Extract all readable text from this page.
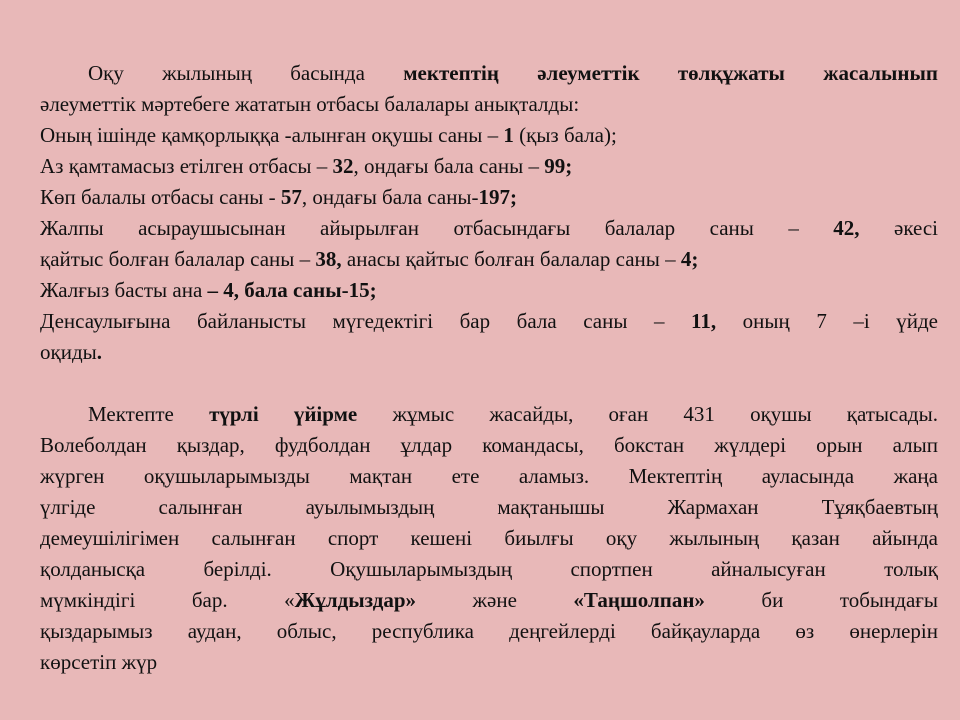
Оқу жылының басында мектептің әлеуметтік төлқұжаты жасалынып
әлеуметтік мәртебеге жататын отбасы балалары анықталды:
Оның ішінде қамқорлыққа -алынған оқушы саны – 1 (қыз бала);
Аз қамтамасыз етілген отбасы – 32, ондағы бала саны – 99;
Көп балалы отбасы саны - 57, ондағы бала саны-197;
Жалпы асыраушысынан айырылған отбасындағы балалар саны – 42, әкесі
қайтыс болған балалар саны – 38, анасы қайтыс болған балалар саны – 4;
Жалғыз басты ана – 4, бала саны-15;
Денсаулығына байланысты мүгедектігі бар бала саны – 11, оның 7 –і үйде
оқиды.
Мектепте түрлі үйірме жұмыс жасайды, оған 431 оқушы қатысады.
Волеболдан қыздар, фудболдан ұлдар командасы, бокстан жүлдері орын алып
жүрген оқушыларымызды мақтан ете аламыз. Мектептің ауласында жаңа
үлгіде салынған ауылымыздың мақтанышы Жармахан Тұяқбаевтың
демеушілігімен салынған спорт кешені биылғы оқу жылының қазан айында
қолданысқа берілді. Оқушыларымыздың спортпен айналысуған толық
мүмкіндігі бар. «Жұлдыздар» және «Таңшолпан» би тобындағы
қыздарымыз аудан, облыс, республика деңгейлерді байқауларда өз өнерлерін
көрсетіп жүр
